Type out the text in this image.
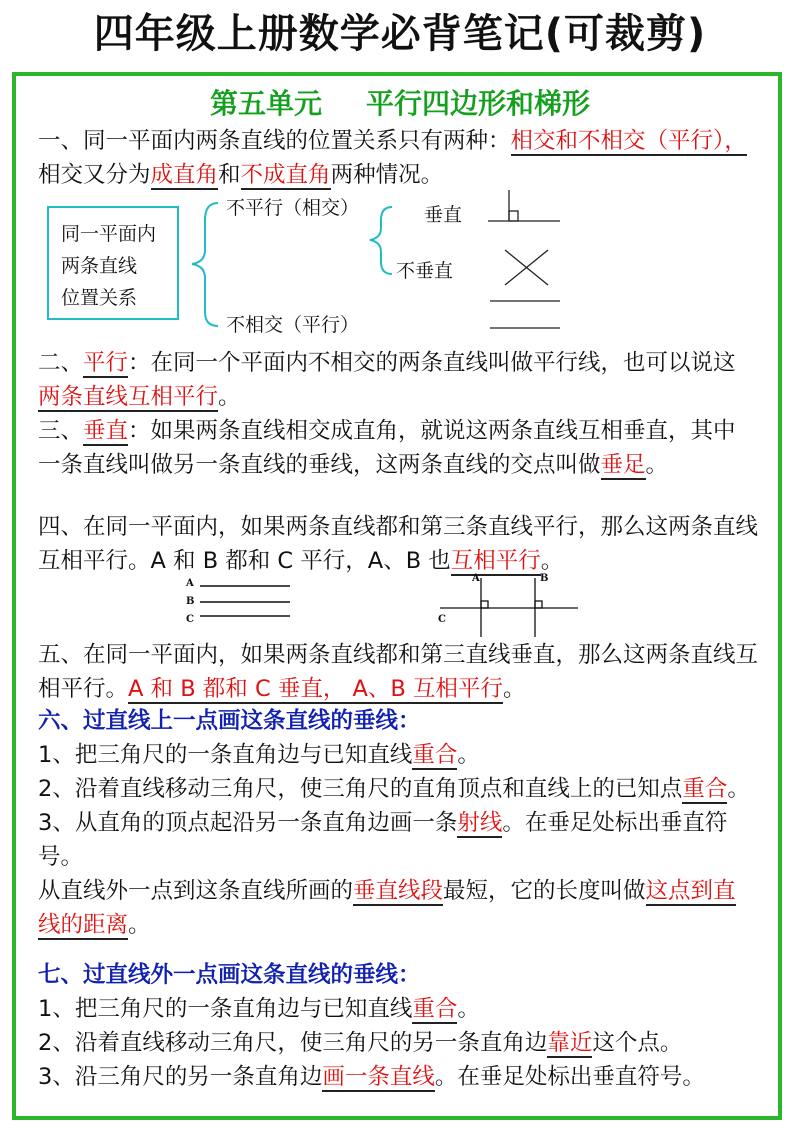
四年级上册数学必背笔记(可裁剪)
第五单元 平行四边形和梯形
一、同一平面内两条直线的位置关系只有两种：相交和不相交（平行），相交又分为成直角和不成直角两种情况。
同一平面内
两条直线
位置关系
不平行（相交）
不相交（平行）
垂直
不垂直
二、平行：在同一个平面内不相交的两条直线叫做平行线，也可以说这两条直线互相平行。
三、垂直：如果两条直线相交成直角，就说这两条直线互相垂直，其中一条直线叫做另一条直线的垂线，这两条直线的交点叫做垂足。
四、在同一平面内，如果两条直线都和第三条直线平行，那么这两条直线互相平行。A 和 B 都和 C 平行，A、B 也互相平行。
A
B
C
A	B
C
五、在同一平面内，如果两条直线都和第三直线垂直，那么这两条直线互相平行。A 和 B 都和 C 垂直， A、B 互相平行。
六、过直线上一点画这条直线的垂线：
1、把三角尺的一条直角边与已知直线重合。
2、沿着直线移动三角尺，使三角尺的直角顶点和直线上的已知点重合。
3、从直角的顶点起沿另一条直角边画一条射线。在垂足处标出垂直符号。
从直线外一点到这条直线所画的垂直线段最短，它的长度叫做这点到直线的距离。
七、过直线外一点画这条直线的垂线：
1、把三角尺的一条直角边与已知直线重合。
2、沿着直线移动三角尺，使三角尺的另一条直角边靠近这个点。
3、沿三角尺的另一条直角边画一条直线。在垂足处标出垂直符号。
